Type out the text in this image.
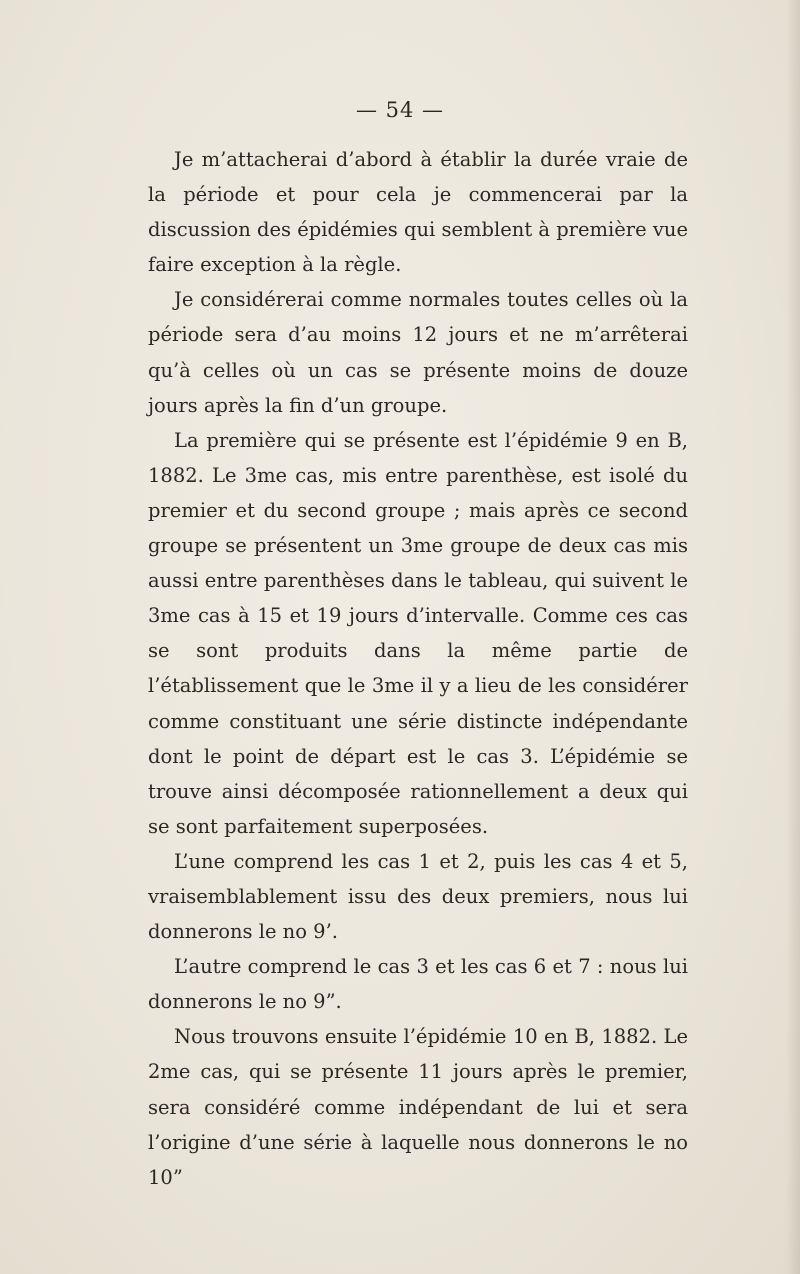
— 54 —

Je m’attacherai d’abord à établir la durée vraie de la période et pour cela je commencerai par la discussion des épidémies qui semblent à première vue faire exception à la règle.

Je considérerai comme normales toutes celles où la période sera d’au moins 12 jours et ne m’arrêterai qu’à celles où un cas se présente moins de douze jours après la fin d’un groupe.

La première qui se présente est l’épidémie 9 en B, 1882. Le 3me cas, mis entre parenthèse, est isolé du premier et du second groupe ; mais après ce second groupe se présentent un 3me groupe de deux cas mis aussi entre parenthèses dans le tableau, qui suivent le 3me cas à 15 et 19 jours d’intervalle. Comme ces cas se sont produits dans la même partie de l’établissement que le 3me il y a lieu de les considérer comme constituant une série distincte indépendante dont le point de départ est le cas 3. L’épidémie se trouve ainsi décomposée rationnellement a deux qui se sont parfaitement superposées.

L’une comprend les cas 1 et 2, puis les cas 4 et 5, vraisemblablement issu des deux premiers, nous lui donnerons le no 9’.

L’autre comprend le cas 3 et les cas 6 et 7 : nous lui donnerons le no 9”.

Nous trouvons ensuite l’épidémie 10 en B, 1882. Le 2me cas, qui se présente 11 jours après le premier, sera considéré comme indépendant de lui et sera l’origine d’une série à laquelle nous donnerons le no 10”
